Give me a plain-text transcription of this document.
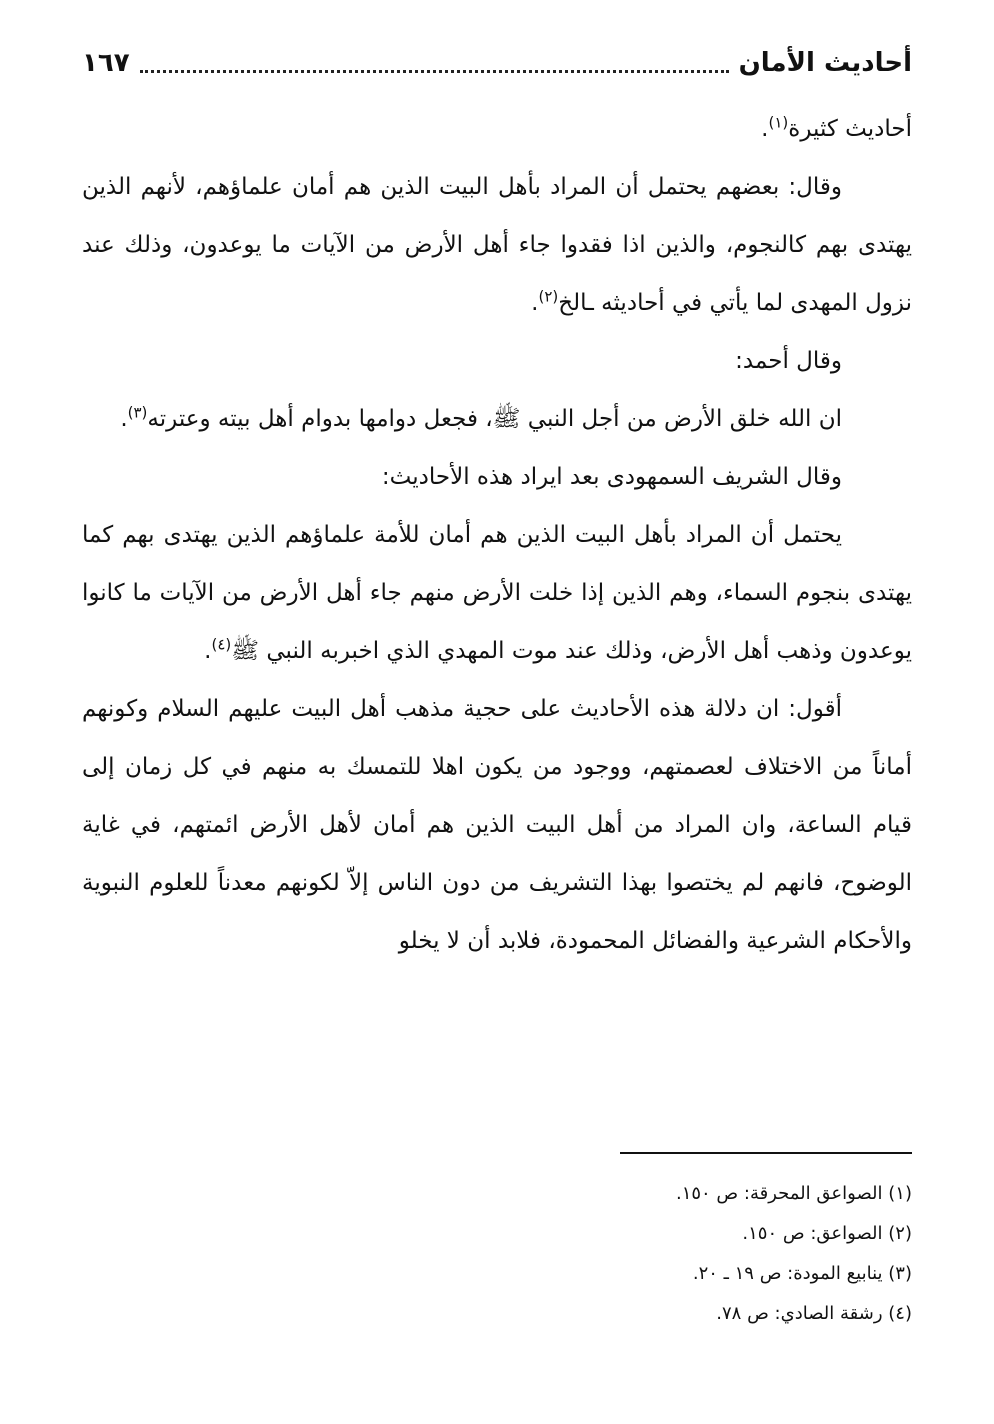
أحاديث الأمان
١٦٧

أحاديث كثيرة$^{(١)}$.

وقال: بعضهم يحتمل أن المراد بأهل البيت الذين هم أمان علماؤهم، لأنهم الذين يهتدى بهم كالنجوم، والذين اذا فقدوا جاء أهل الأرض من الآيات ما يوعدون، وذلك عند نزول المهدى لما يأتي في أحاديثه ـالخ$^{(٢)}$.

وقال أحمد:

ان الله خلق الأرض من أجل النبي ﷺ، فجعل دوامها بدوام أهل بيته وعترته$^{(٣)}$.

وقال الشريف السمهودى بعد ايراد هذه الأحاديث:

يحتمل أن المراد بأهل البيت الذين هم أمان للأمة علماؤهم الذين يهتدى بهم كما يهتدى بنجوم السماء، وهم الذين إذا خلت الأرض منهم جاء أهل الأرض من الآيات ما كانوا يوعدون وذهب أهل الأرض، وذلك عند موت المهدي الذي اخبربه النبي ﷺ$^{(٤)}$.

أقول: ان دلالة هذه الأحاديث على حجية مذهب أهل البيت عليهم السلام وكونهم أماناً من الاختلاف لعصمتهم، ووجود من يكون اهلا للتمسك به منهم في كل زمان إلى قيام الساعة، وان المراد من أهل البيت الذين هم أمان لأهل الأرض ائمتهم، في غاية الوضوح، فانهم لم يختصوا بهذا التشريف من دون الناس إلاّ لكونهم معدناً للعلوم النبوية والأحكام الشرعية والفضائل المحمودة، فلابد أن لا يخلو

(١) الصواعق المحرقة: ص ١٥٠.

(٢) الصواعق: ص ١٥٠.

(٣) ينابيع المودة: ص ١٩ ـ ٢٠.

(٤) رشقة الصادي: ص ٧٨.
